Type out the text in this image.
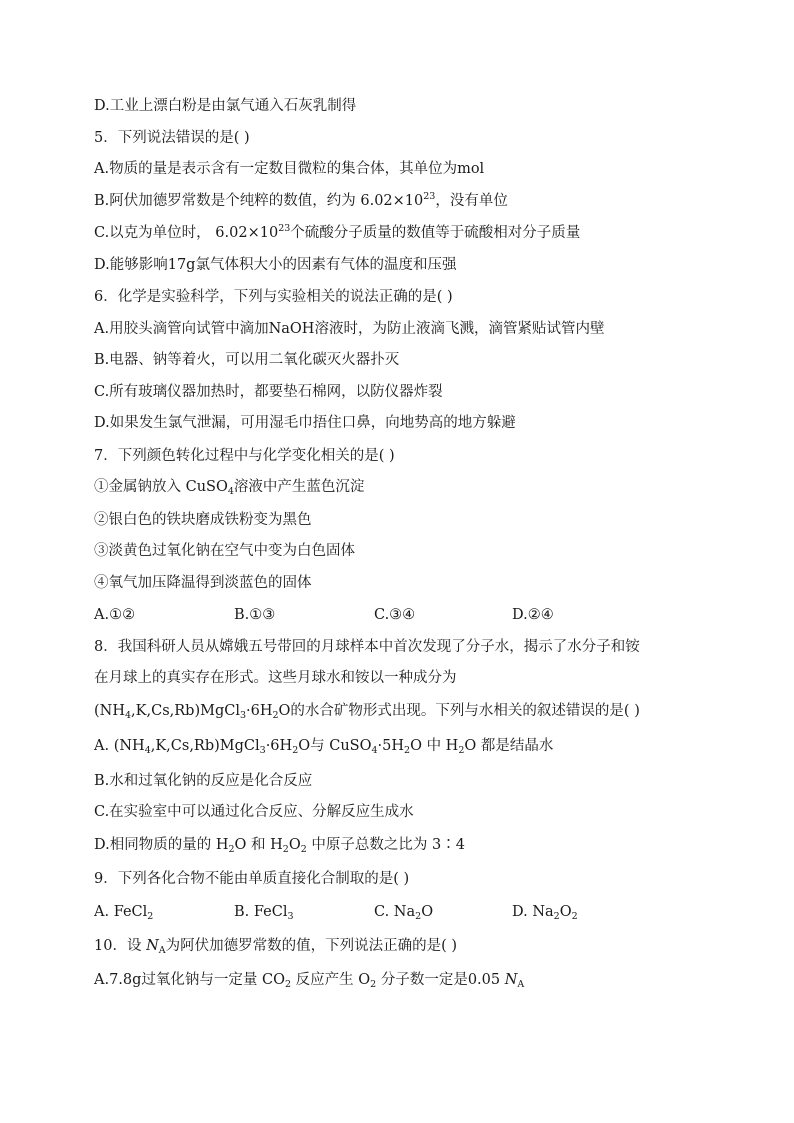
D.工业上漂白粉是由氯气通入石灰乳制得
5．下列说法错误的是( )
A.物质的量是表示含有一定数目微粒的集合体，其单位为mol
B.阿伏加德罗常数是个纯粹的数值，约为 $6.02\times 10^{23}$，没有单位
C.以克为单位时， $6.02\times 10^{23}$个硫酸分子质量的数值等于硫酸相对分子质量
D.能够影响17g氯气体积大小的因素有气体的温度和压强
6．化学是实验科学，下列与实验相关的说法正确的是( )
A.用胶头滴管向试管中滴加NaOH溶液时，为防止液滴飞溅，滴管紧贴试管内壁
B.电器、钠等着火，可以用二氧化碳灭火器扑灭
C.所有玻璃仪器加热时，都要垫石棉网，以防仪器炸裂
D.如果发生氯气泄漏，可用湿毛巾捂住口鼻，向地势高的地方躲避
7．下列颜色转化过程中与化学变化相关的是( )
①金属钠放入 CuSO$_4$溶液中产生蓝色沉淀
②银白色的铁块磨成铁粉变为黑色
③淡黄色过氧化钠在空气中变为白色固体
④氧气加压降温得到淡蓝色的固体
A.①②	B.①③	C.③④	D.②④
8．我国科研人员从嫦娥五号带回的月球样本中首次发现了分子水，揭示了水分子和铵
在月球上的真实存在形式。这些月球水和铵以一种成分为
$(NH_4,K,Cs,Rb)MgCl_3\cdot 6H_2O$的水合矿物形式出现。下列与水相关的叙述错误的是( )
A. $(NH_4,K,Cs,Rb)MgCl_3\cdot 6H_2O$与 $CuSO_4\cdot 5H_2O$ 中 $H_2O$ 都是结晶水
B.水和过氧化钠的反应是化合反应
C.在实验室中可以通过化合反应、分解反应生成水
D.相同物质的量的 $H_2O$ 和 $H_2O_2$ 中原子总数之比为 3∶4
9．下列各化合物不能由单质直接化合制取的是( )
A. FeCl$_2$	B. FeCl$_3$	C. $Na_2O$	D. $Na_2O_2$
10．设 $N_A$为阿伏加德罗常数的值，下列说法正确的是( )
A.7.8g过氧化钠与一定量 $CO_2$ 反应产生 $O_2$ 分子数一定是0.05 $N_A$
